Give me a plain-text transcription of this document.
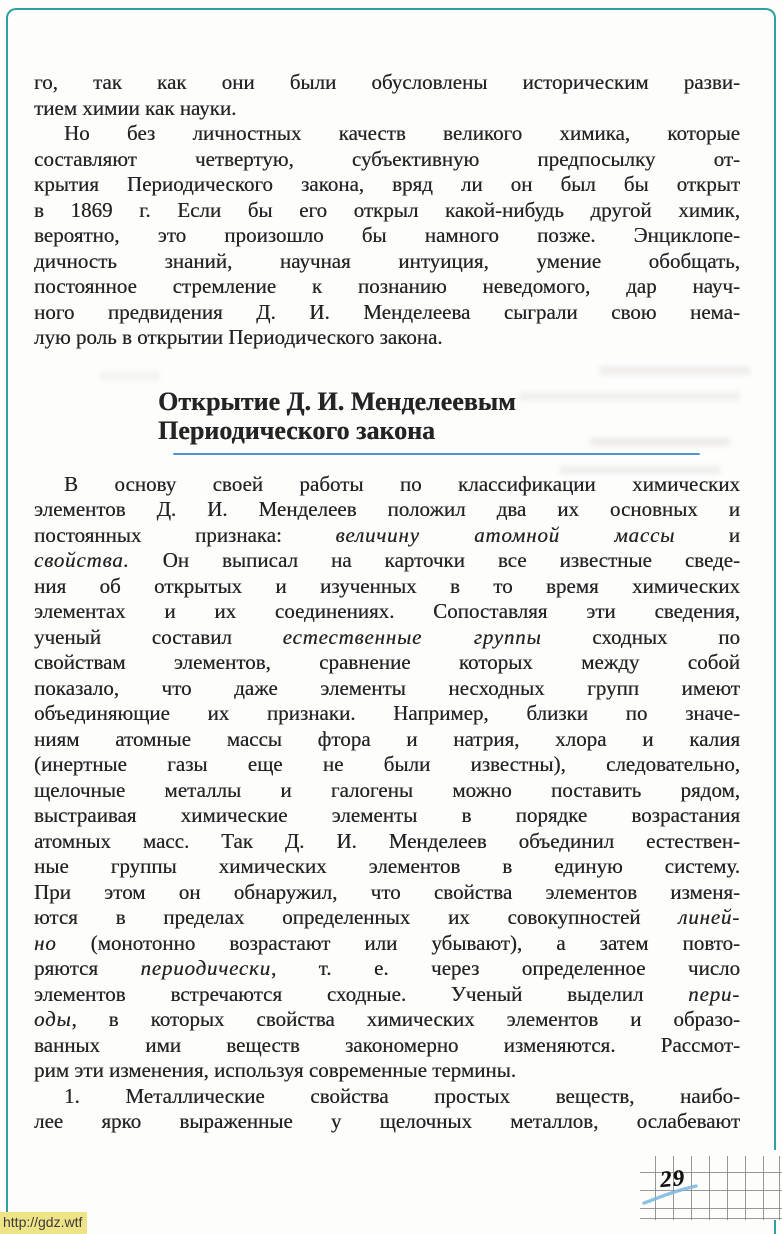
го, так как они были обусловлены историческим разви-
тием химии как науки.
Но без личностных качеств великого химика, которые
составляют четвертую, субъективную предпосылку от-
крытия Периодического закона, вряд ли он был бы открыт
в 1869 г. Если бы его открыл какой-нибудь другой химик,
вероятно, это произошло бы намного позже. Энциклопе-
дичность знаний, научная интуиция, умение обобщать,
постоянное стремление к познанию неведомого, дар науч-
ного предвидения Д. И. Менделеева сыграли свою нема-
лую роль в открытии Периодического закона.
Открытие Д. И. Менделеевым
Периодического закона
В основу своей работы по классификации химических
элементов Д. И. Менделеев положил два их основных и
постоянных признака: величину атомной массы и
свойства. Он выписал на карточки все известные сведе-
ния об открытых и изученных в то время химических
элементах и их соединениях. Сопоставляя эти сведения,
ученый составил естественные группы сходных по
свойствам элементов, сравнение которых между собой
показало, что даже элементы несходных групп имеют
объединяющие их признаки. Например, близки по значе-
ниям атомные массы фтора и натрия, хлора и калия
(инертные газы еще не были известны), следовательно,
щелочные металлы и галогены можно поставить рядом,
выстраивая химические элементы в порядке возрастания
атомных масс. Так Д. И. Менделеев объединил естествен-
ные группы химических элементов в единую систему.
При этом он обнаружил, что свойства элементов изменя-
ются в пределах определенных их совокупностей линей-
но (монотонно возрастают или убывают), а затем повто-
ряются периодически, т. е. через определенное число
элементов встречаются сходные. Ученый выделил пери-
оды, в которых свойства химических элементов и образо-
ванных ими веществ закономерно изменяются. Рассмот-
рим эти изменения, используя современные термины.
1. Металлические свойства простых веществ, наибо-
лее ярко выраженные у щелочных металлов, ослабевают
29
http://gdz.wtf
